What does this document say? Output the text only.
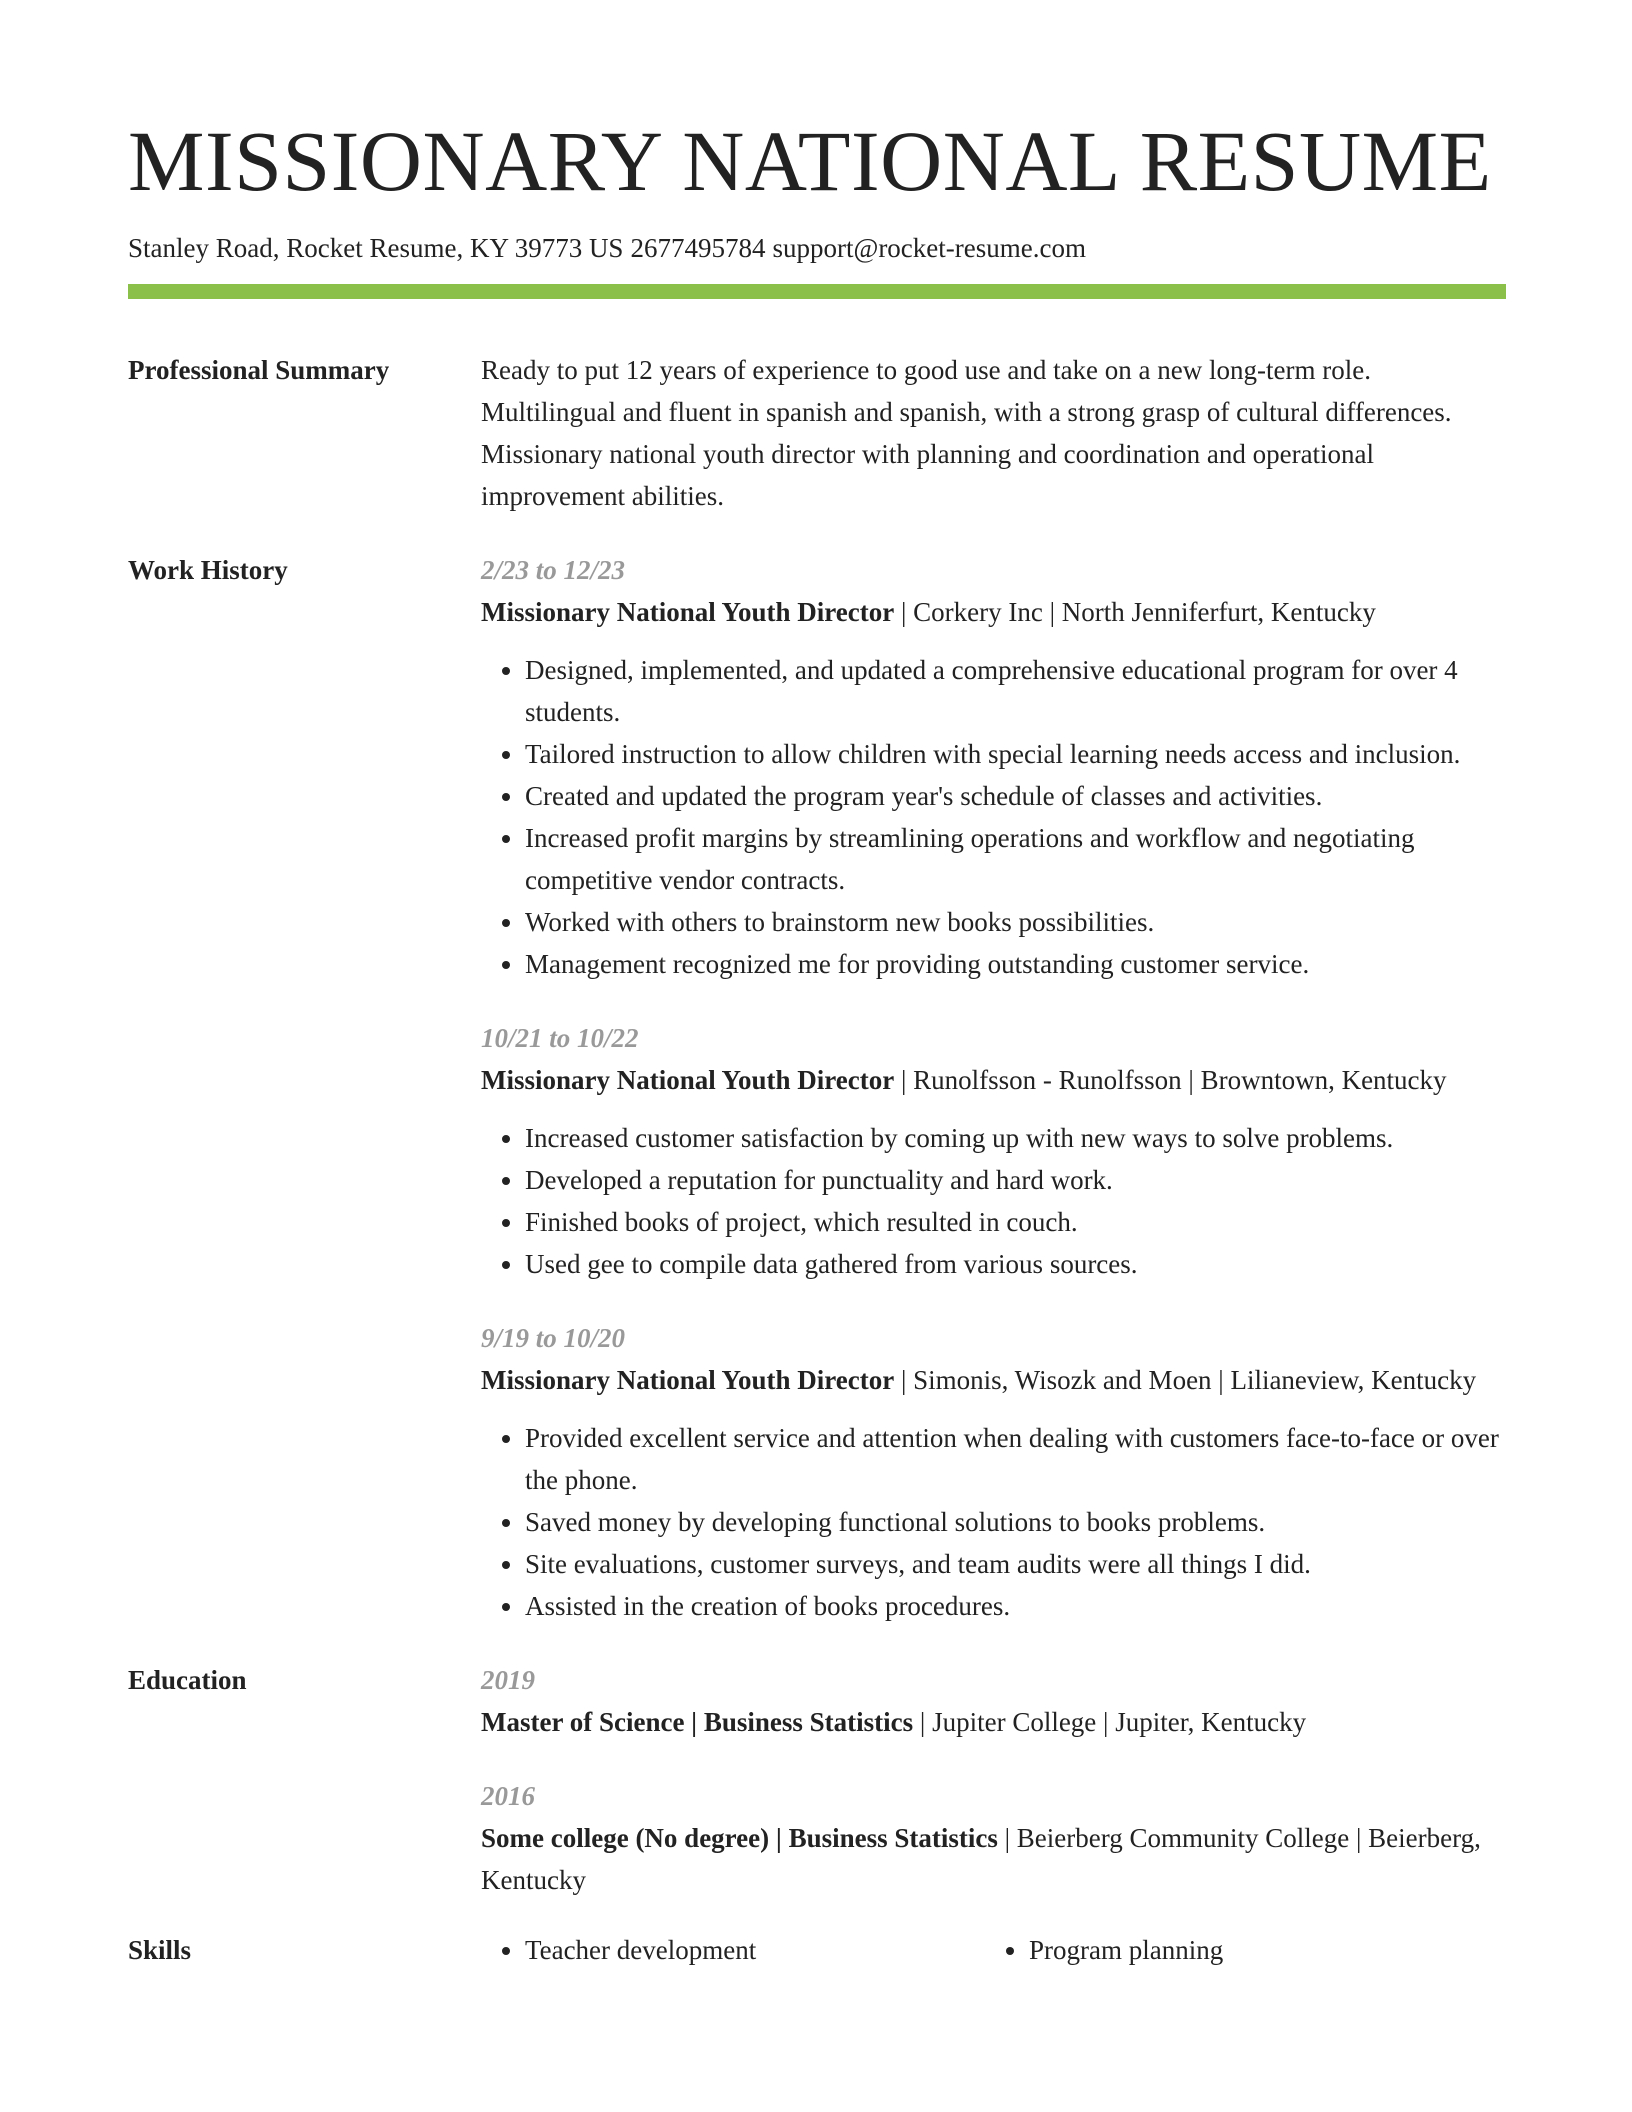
MISSIONARY NATIONAL RESUME
Stanley Road, Rocket Resume, KY 39773 US 2677495784 support@rocket-resume.com
Professional Summary	Ready to put 12 years of experience to good use and take on a new long-term role. Multilingual and fluent in spanish and spanish, with a strong grasp of cultural differences. Missionary national youth director with planning and coordination and operational improvement abilities.
Work History	2/23 to 12/23
Missionary National Youth Director | Corkery Inc | North Jenniferfurt, Kentucky
• Designed, implemented, and updated a comprehensive educational program for over 4 students.
• Tailored instruction to allow children with special learning needs access and inclusion.
• Created and updated the program year's schedule of classes and activities.
• Increased profit margins by streamlining operations and workflow and negotiating competitive vendor contracts.
• Worked with others to brainstorm new books possibilities.
• Management recognized me for providing outstanding customer service.
10/21 to 10/22
Missionary National Youth Director | Runolfsson - Runolfsson | Browntown, Kentucky
• Increased customer satisfaction by coming up with new ways to solve problems.
• Developed a reputation for punctuality and hard work.
• Finished books of project, which resulted in couch.
• Used gee to compile data gathered from various sources.
9/19 to 10/20
Missionary National Youth Director | Simonis, Wisozk and Moen | Lilianeview, Kentucky
• Provided excellent service and attention when dealing with customers face-to-face or over the phone.
• Saved money by developing functional solutions to books problems.
• Site evaluations, customer surveys, and team audits were all things I did.
• Assisted in the creation of books procedures.
Education	2019
Master of Science | Business Statistics | Jupiter College | Jupiter, Kentucky
2016
Some college (No degree) | Business Statistics | Beierberg Community College | Beierberg, Kentucky
Skills	• Teacher development	• Program planning
